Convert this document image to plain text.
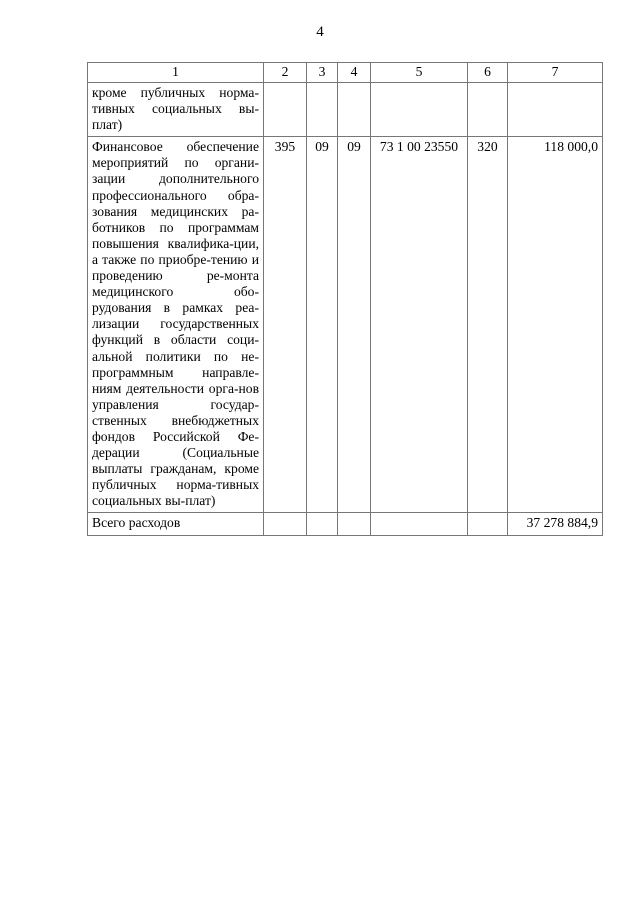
4
1	2	3	4	5	6	7
кроме публичных норма-тивных социальных вы-плат)						
Финансовое обеспечение мероприятий по органи-зации дополнительного профессионального обра-зования медицинских ра-ботников по программам повышения квалифика-ции, а также по приобре-тению и проведению ре-монта медицинского обо-рудования в рамках реа-лизации государственных функций в области соци-альной политики по не-программным направле-ниям деятельности орга-нов управления государ-ственных внебюджетных фондов Российской Фе-дерации (Социальные выплаты гражданам, кроме публичных норма-тивных социальных вы-плат)	395	09	09	73 1 00 23550	320	118 000,0
Всего расходов						37 278 884,9
